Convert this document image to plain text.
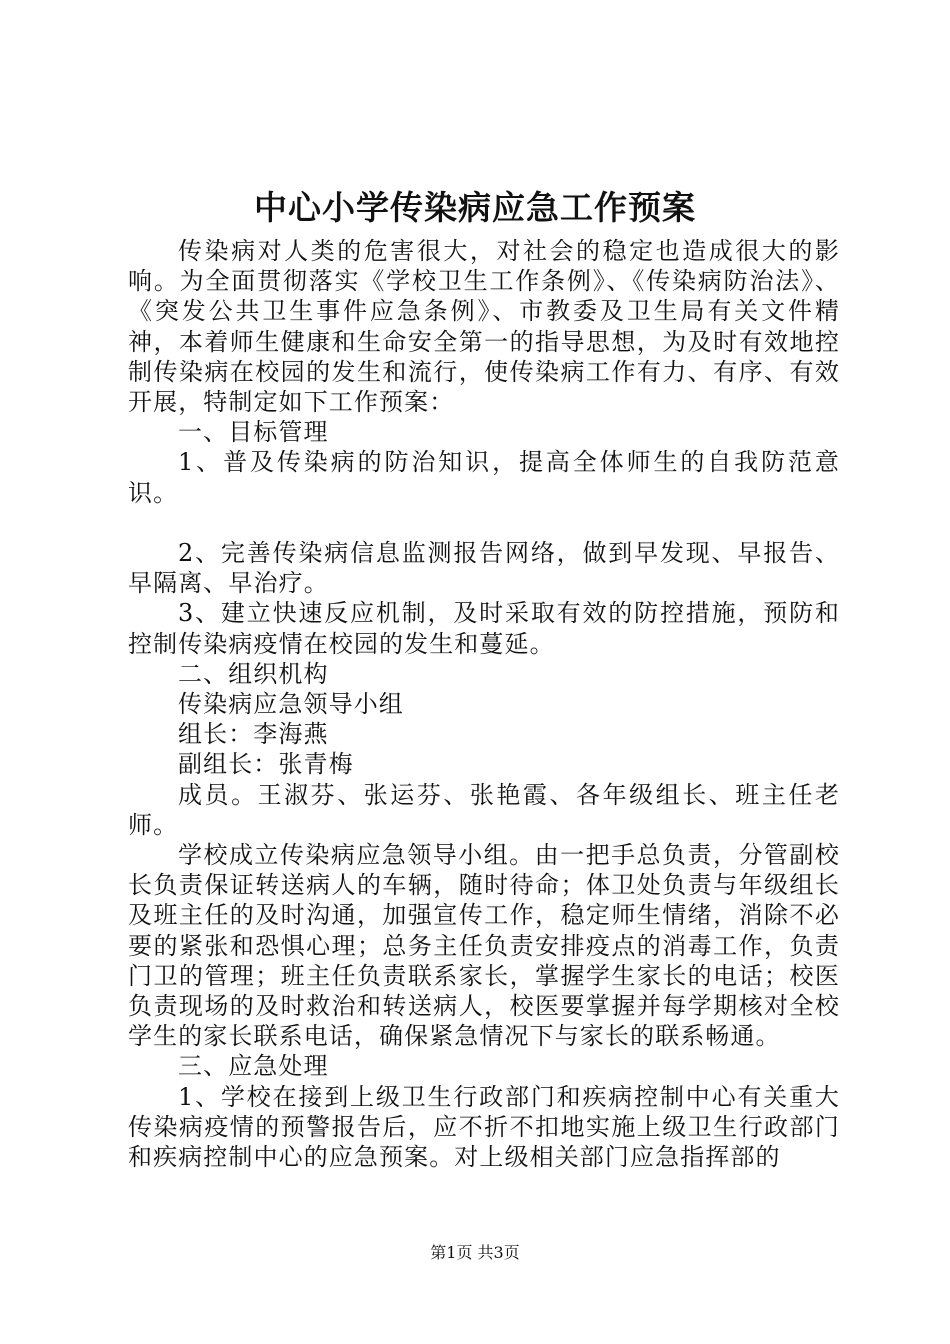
中心小学传染病应急工作预案

传染病对人类的危害很大，对社会的稳定也造成很大的影响。为全面贯彻落实《学校卫生工作条例》、《传染病防治法》、《突发公共卫生事件应急条例》、市教委及卫生局有关文件精神，本着师生健康和生命安全第一的指导思想，为及时有效地控制传染病在校园的发生和流行，使传染病工作有力、有序、有效开展，特制定如下工作预案：

一、目标管理

1、普及传染病的防治知识，提高全体师生的自我防范意识。

2、完善传染病信息监测报告网络，做到早发现、早报告、早隔离、早治疗。

3、建立快速反应机制，及时采取有效的防控措施，预防和控制传染病疫情在校园的发生和蔓延。

二、组织机构

传染病应急领导小组

组长：李海燕

副组长：张青梅

成员。王淑芬、张运芬、张艳霞、各年级组长、班主任老师。

学校成立传染病应急领导小组。由一把手总负责，分管副校长负责保证转送病人的车辆，随时待命；体卫处负责与年级组长及班主任的及时沟通，加强宣传工作，稳定师生情绪，消除不必要的紧张和恐惧心理；总务主任负责安排疫点的消毒工作，负责门卫的管理；班主任负责联系家长，掌握学生家长的电话；校医负责现场的及时救治和转送病人，校医要掌握并每学期核对全校学生的家长联系电话，确保紧急情况下与家长的联系畅通。

三、应急处理

1、学校在接到上级卫生行政部门和疾病控制中心有关重大传染病疫情的预警报告后，应不折不扣地实施上级卫生行政部门和疾病控制中心的应急预案。对上级相关部门应急指挥部的

第1页 共3页
